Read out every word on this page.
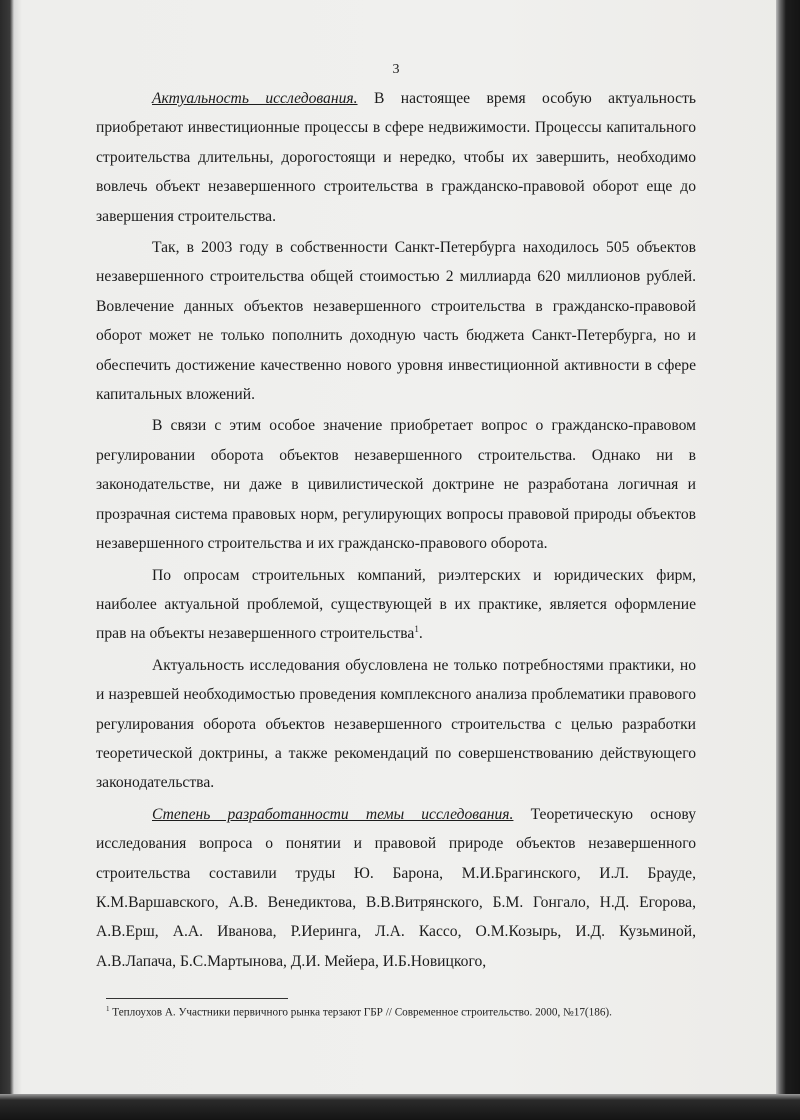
3

Актуальность исследования. В настоящее время особую актуальность приобретают инвестиционные процессы в сфере недвижимости. Процессы капитального строительства длительны, дорогостоящи и нередко, чтобы их завершить, необходимо вовлечь объект незавершенного строительства в гражданско-правовой оборот еще до завершения строительства.

Так, в 2003 году в собственности Санкт-Петербурга находилось 505 объектов незавершенного строительства общей стоимостью 2 миллиарда 620 миллионов рублей. Вовлечение данных объектов незавершенного строительства в гражданско-правовой оборот может не только пополнить доходную часть бюджета Санкт-Петербурга, но и обеспечить достижение качественно нового уровня инвестиционной активности в сфере капитальных вложений.

В связи с этим особое значение приобретает вопрос о гражданско-правовом регулировании оборота объектов незавершенного строительства. Однако ни в законодательстве, ни даже в цивилистической доктрине не разработана логичная и прозрачная система правовых норм, регулирующих вопросы правовой природы объектов незавершенного строительства и их гражданско-правового оборота.

По опросам строительных компаний, риэлтерских и юридических фирм, наиболее актуальной проблемой, существующей в их практике, является оформление прав на объекты незавершенного строительства$^1$.

Актуальность исследования обусловлена не только потребностями практики, но и назревшей необходимостью проведения комплексного анализа проблематики правового регулирования оборота объектов незавершенного строительства с целью разработки теоретической доктрины, а также рекомендаций по совершенствованию действующего законодательства.

Степень разработанности темы исследования. Теоретическую основу исследования вопроса о понятии и правовой природе объектов незавершенного строительства составили труды Ю. Барона, М.И.Брагинского, И.Л. Брауде, К.М.Варшавского, А.В. Венедиктова, В.В.Витрянского, Б.М. Гонгало, Н.Д. Егорова, А.В.Ерш, А.А. Иванова, Р.Иеринга, Л.А. Кассо, О.М.Козырь, И.Д. Кузьминой, А.В.Лапача, Б.С.Мартынова, Д.И. Мейера, И.Б.Новицкого,

$^1$ Теплоухов А. Участники первичного рынка терзают ГБР // Современное строительство. 2000, №17(186).
